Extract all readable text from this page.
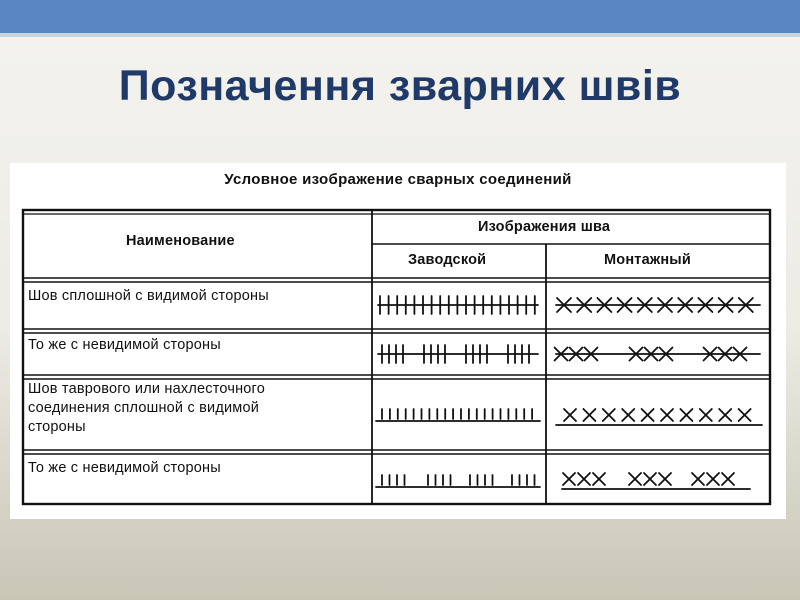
Позначення зварних швів
Условное изображение сварных соединений
Наименование
Изображения шва
Заводской	Монтажный
Шов сплошной с видимой стороны
То же с невидимой стороны
Шов таврового или нахлесточного
соединения сплошной с видимой
стороны
То же с невидимой стороны
